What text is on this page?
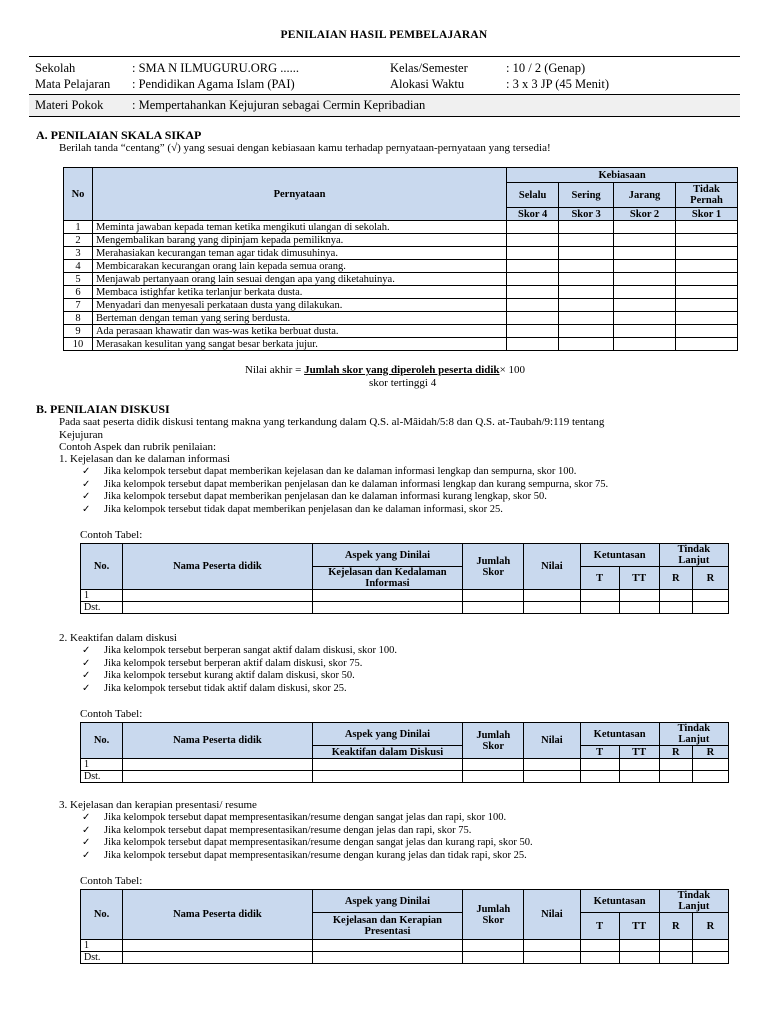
PENILAIAN HASIL PEMBELAJARAN
Sekolah	: SMA N ILMUGURU.ORG ......	Kelas/Semester	: 10 / 2 (Genap)
Mata Pelajaran : Pendidikan Agama Islam (PAI)	Alokasi Waktu	: 3 x 3 JP (45 Menit)
Materi Pokok : Mempertahankan Kejujuran sebagai Cermin Kepribadian
A. PENILAIAN SKALA SIKAP
Berilah tanda “centang” (√) yang sesuai dengan kebiasaan kamu terhadap pernyataan-pernyataan yang tersedia!
No	Pernyataan	Kebiasaan			
		Selalu	Sering	Jarang	Tidak Pernah
		Skor 4	Skor 3	Skor 2	Skor 1
1	Meminta jawaban kepada teman ketika mengikuti ulangan di sekolah.				
2	Mengembalikan barang yang dipinjam kepada pemiliknya.				
3	Merahasiakan kecurangan teman agar tidak dimusuhinya.				
4	Membicarakan kecurangan orang lain kepada semua orang.				
5	Menjawab pertanyaan orang lain sesuai dengan apa yang diketahuinya.				
6	Membaca istighfar ketika terlanjur berkata dusta.				
7	Menyadari dan menyesali perkataan dusta yang dilakukan.				
8	Berteman dengan teman yang sering berdusta.				
9	Ada perasaan khawatir dan was-was ketika berbuat dusta.				
10	Merasakan kesulitan yang sangat besar berkata jujur.				
Nilai akhir = Jumlah skor yang diperoleh peserta didik× 100
skor tertinggi 4
B. PENILAIAN DISKUSI
Pada saat peserta didik diskusi tentang makna yang terkandung dalam Q.S. al-Mâidah/5:8 dan Q.S. at-Taubah/9:119 tentang
Kejujuran
Contoh Aspek dan rubrik penilaian:
1. Kejelasan dan ke dalaman informasi
✓ Jika kelompok tersebut dapat memberikan kejelasan dan ke dalaman informasi lengkap dan sempurna, skor 100.
✓ Jika kelompok tersebut dapat memberikan penjelasan dan ke dalaman informasi lengkap dan kurang sempurna, skor 75.
✓ Jika kelompok tersebut dapat memberikan penjelasan dan ke dalaman informasi kurang lengkap, skor 50.
✓ Jika kelompok tersebut tidak dapat memberikan penjelasan dan ke dalaman informasi, skor 25.
Contoh Tabel:
No.	Nama Peserta didik	Aspek yang Dinilai	Jumlah Skor	Nilai	Ketuntasan		Tindak Lanjut	
		Kejelasan dan Kedalaman Informasi			T	TT	R	R
1								
Dst.								
2. Keaktifan dalam diskusi
✓ Jika kelompok tersebut berperan sangat aktif dalam diskusi, skor 100.
✓ Jika kelompok tersebut berperan aktif dalam diskusi, skor 75.
✓ Jika kelompok tersebut kurang aktif dalam diskusi, skor 50.
✓ Jika kelompok tersebut tidak aktif dalam diskusi, skor 25.
Contoh Tabel:
No.	Nama Peserta didik	Aspek yang Dinilai	Jumlah Skor	Nilai	Ketuntasan		Tindak Lanjut	
		Keaktifan dalam Diskusi			T	TT	R	R
1								
Dst.								
3. Kejelasan dan kerapian presentasi/ resume
✓ Jika kelompok tersebut dapat mempresentasikan/resume dengan sangat jelas dan rapi, skor 100.
✓ Jika kelompok tersebut dapat mempresentasikan/resume dengan jelas dan rapi, skor 75.
✓ Jika kelompok tersebut dapat mempresentasikan/resume dengan sangat jelas dan kurang rapi, skor 50.
✓ Jika kelompok tersebut dapat mempresentasikan/resume dengan kurang jelas dan tidak rapi, skor 25.
Contoh Tabel:
No.	Nama Peserta didik	Aspek yang Dinilai	Jumlah Skor	Nilai	Ketuntasan		Tindak Lanjut	
		Kejelasan dan Kerapian Presentasi			T	TT	R	R
1								
Dst.								
